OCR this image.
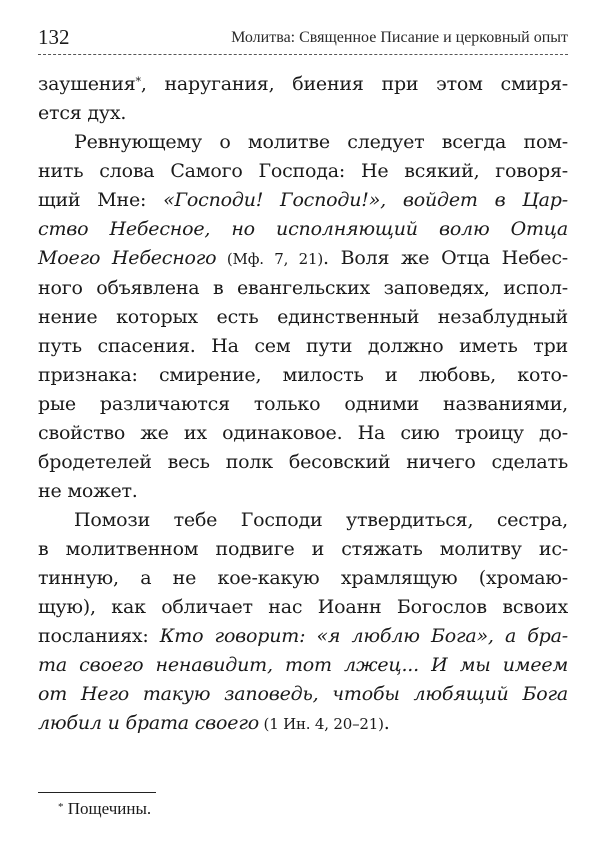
132	Молитва: Священное Писание и церковный опыт

заушения*, наругания, биения при этом смиря-
ется дух.

Ревнующему о молитве следует всегда пом-
нить слова Самого Господа: Не всякий, говоря-
щий Мне: «Господи! Господи!», войдет в Цар-
ство Небесное, но исполняющий волю Отца
Моего Небесного (Мф. 7, 21). Воля же Отца Небес-
ного объявлена в евангельских заповедях, испол-
нение которых есть единственный незаблудный
путь спасения. На сем пути должно иметь три
признака: смирение, милость и любовь, кото-
рые различаются только одними названиями,
свойство же их одинаковое. На сию троицу до-
бродетелей весь полк бесовский ничего сделать
не может.

Помози тебе Господи утвердиться, сестра,
в молитвенном подвиге и стяжать молитву ис-
тинную, а не кое-какую храмлящую (хромаю-
щую), как обличает нас Иоанн Богослов всвоих
посланиях: Кто говорит: «я люблю Бога», а бра-
та своего ненавидит, тот лжец... И мы имеем
от Него такую заповедь, чтобы любящий Бога
любил и брата своего (1 Ин. 4, 20–21).

* Пощечины.
